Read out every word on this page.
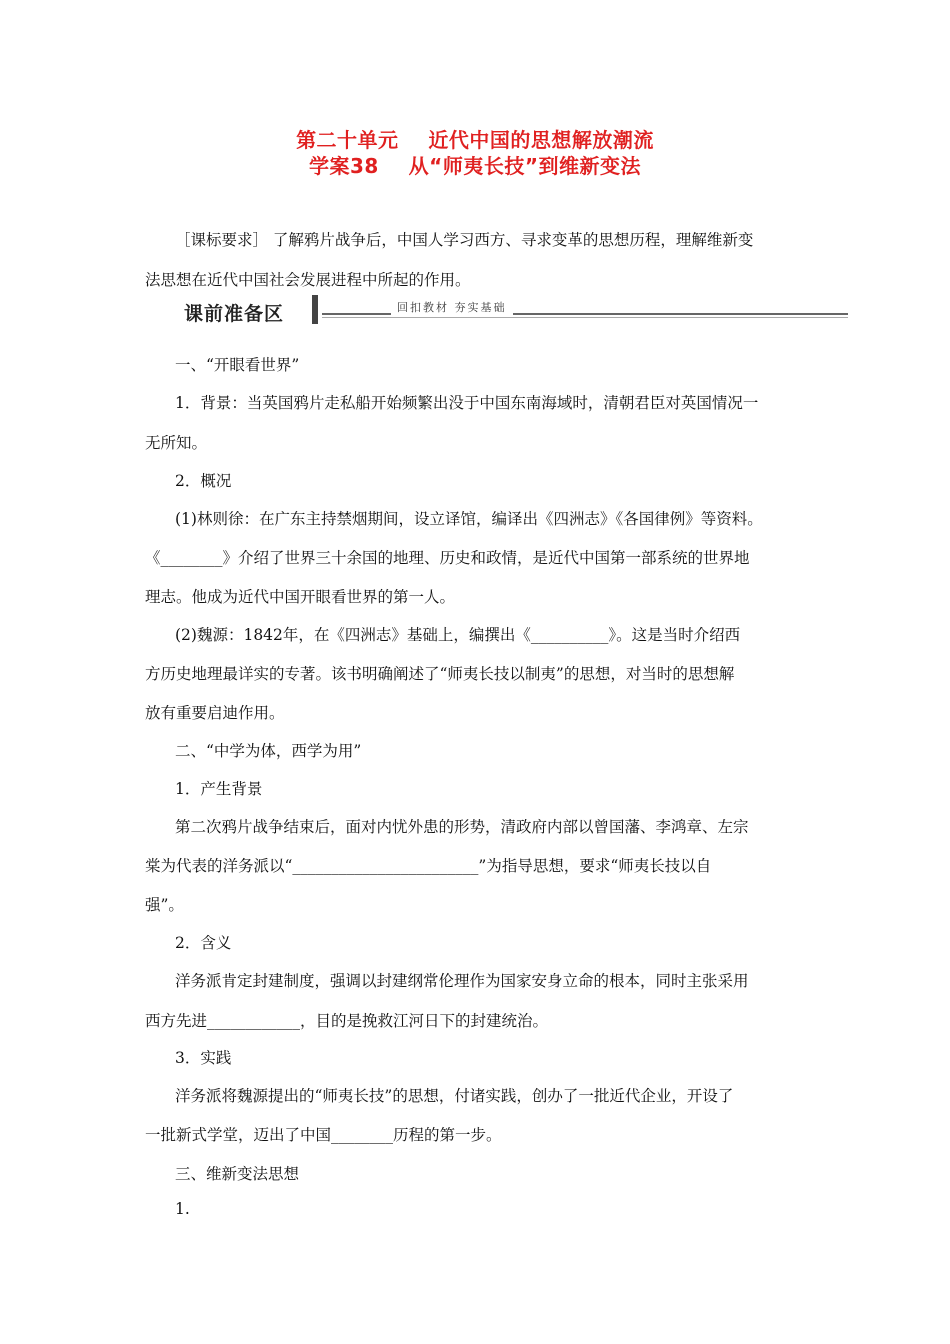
第二十单元    近代中国的思想解放潮流
学案38    从“师夷长技”到维新变法
［课标要求］ 了解鸦片战争后，中国人学习西方、寻求变革的思想历程，理解维新变
法思想在近代中国社会发展进程中所起的作用。
课前准备区	回扣教材 夯实基础
一、“开眼看世界”
1．背景：当英国鸦片走私船开始频繁出没于中国东南海域时，清朝君臣对英国情况一
无所知。
2．概况
(1)林则徐：在广东主持禁烟期间，设立译馆，编译出《四洲志》《各国律例》等资料。
《________》介绍了世界三十余国的地理、历史和政情，是近代中国第一部系统的世界地
理志。他成为近代中国开眼看世界的第一人。
(2)魏源：1842年，在《四洲志》基础上，编撰出《__________》。这是当时介绍西
方历史地理最详实的专著。该书明确阐述了“师夷长技以制夷”的思想，对当时的思想解
放有重要启迪作用。
二、“中学为体，西学为用”
1．产生背景
第二次鸦片战争结束后，面对内忧外患的形势，清政府内部以曾国藩、李鸿章、左宗
棠为代表的洋务派以“________________________”为指导思想，要求“师夷长技以自
强”。
2．含义
洋务派肯定封建制度，强调以封建纲常伦理作为国家安身立命的根本，同时主张采用
西方先进____________，目的是挽救江河日下的封建统治。
3．实践
洋务派将魏源提出的“师夷长技”的思想，付诸实践，创办了一批近代企业，开设了
一批新式学堂，迈出了中国________历程的第一步。
三、维新变法思想
1.
